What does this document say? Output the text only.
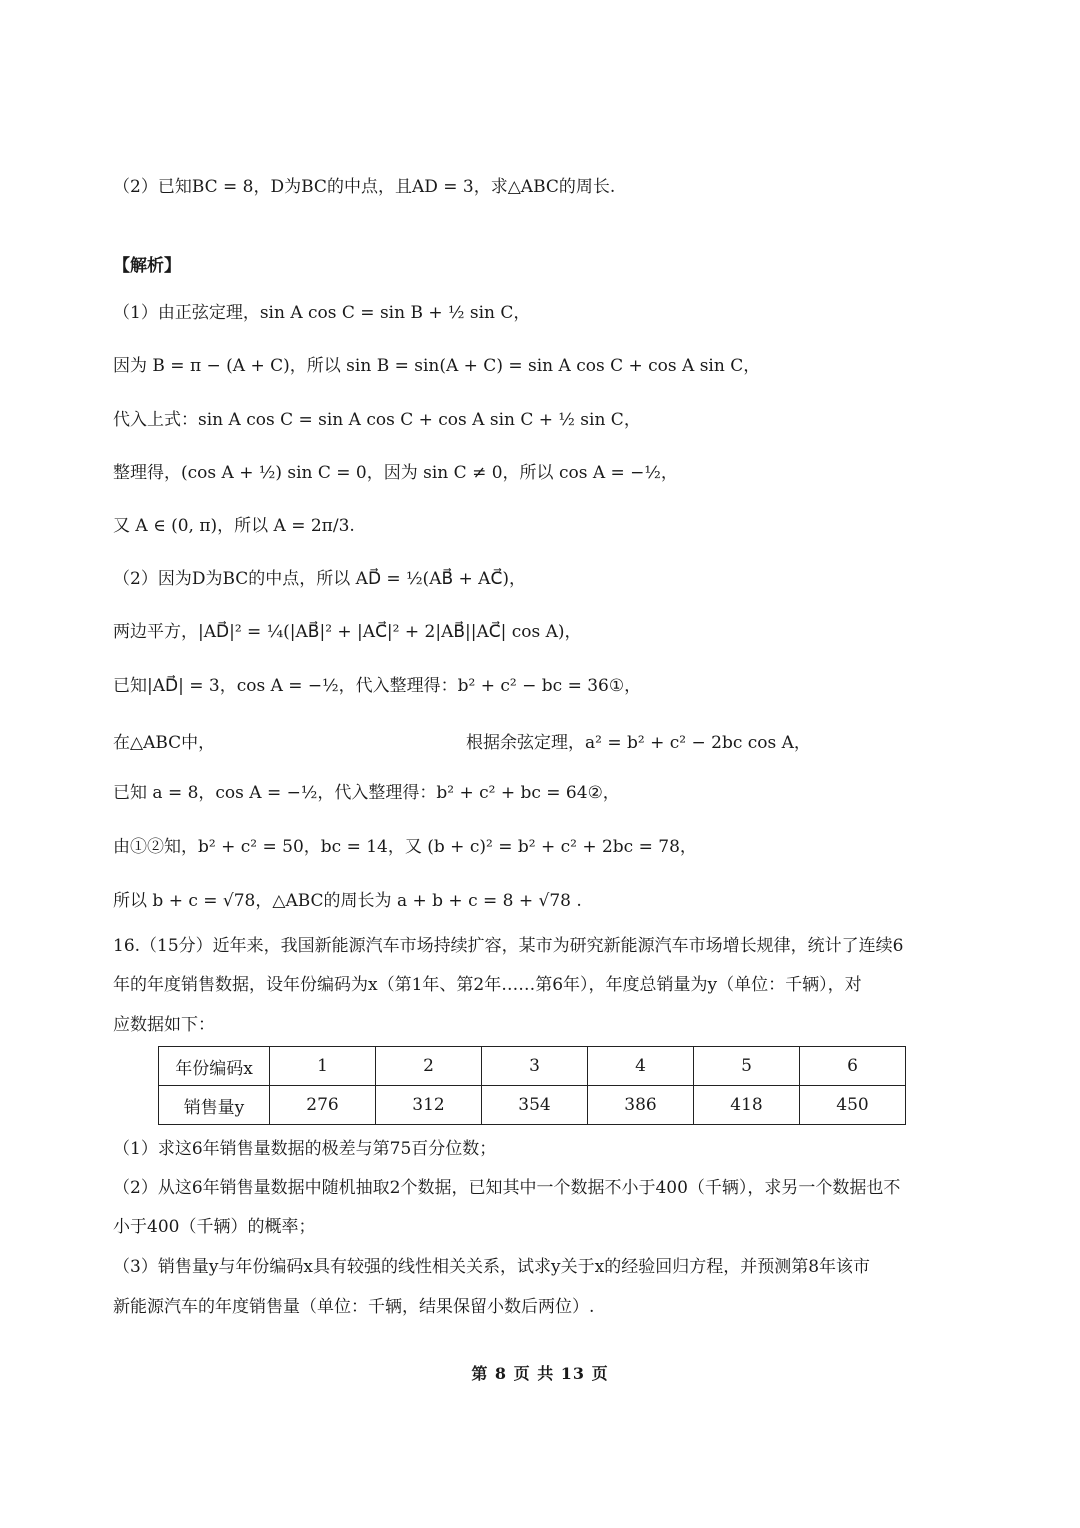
（2）已知BC = 8，D为BC的中点，且AD = 3，求△ABC的周长.
【解析】
（1）由正弦定理，sin A cos C = sin B + ½ sin C，
因为 B = π − (A + C)，所以 sin B = sin(A + C) = sin A cos C + cos A sin C，
代入上式：sin A cos C = sin A cos C + cos A sin C + ½ sin C，
整理得，(cos A + ½) sin C = 0，因为 sin C ≠ 0，所以 cos A = −½，
又 A ∈ (0, π)，所以 A = 2π/3.
（2）因为D为BC的中点，所以 AD⃗ = ½(AB⃗ + AC⃗)，
两边平方，|AD⃗|² = ¼(|AB⃗|² + |AC⃗|² + 2|AB⃗||AC⃗| cos A)，
已知|AD⃗| = 3，cos A = −½，代入整理得：b² + c² − bc = 36①，
在△ABC中，	根据余弦定理，a² = b² + c² − 2bc cos A，
已知 a = 8，cos A = −½，代入整理得：b² + c² + bc = 64②，
由①②知，b² + c² = 50，bc = 14，又 (b + c)² = b² + c² + 2bc = 78，
所以 b + c = √78，△ABC的周长为 a + b + c = 8 + √78 .
16.（15分）近年来，我国新能源汽车市场持续扩容，某市为研究新能源汽车市场增长规律，统计了连续6
年的年度销售数据，设年份编码为x（第1年、第2年……第6年），年度总销量为y（单位：千辆），对
应数据如下：
年份编码x	1	2	3	4	5	6
销售量y	276	312	354	386	418	450
（1）求这6年销售量数据的极差与第75百分位数；
（2）从这6年销售量数据中随机抽取2个数据，已知其中一个数据不小于400（千辆），求另一个数据也不
小于400（千辆）的概率；
（3）销售量y与年份编码x具有较强的线性相关关系，试求y关于x的经验回归方程，并预测第8年该市
新能源汽车的年度销售量（单位：千辆，结果保留小数后两位）.
第 8 页 共 13 页
